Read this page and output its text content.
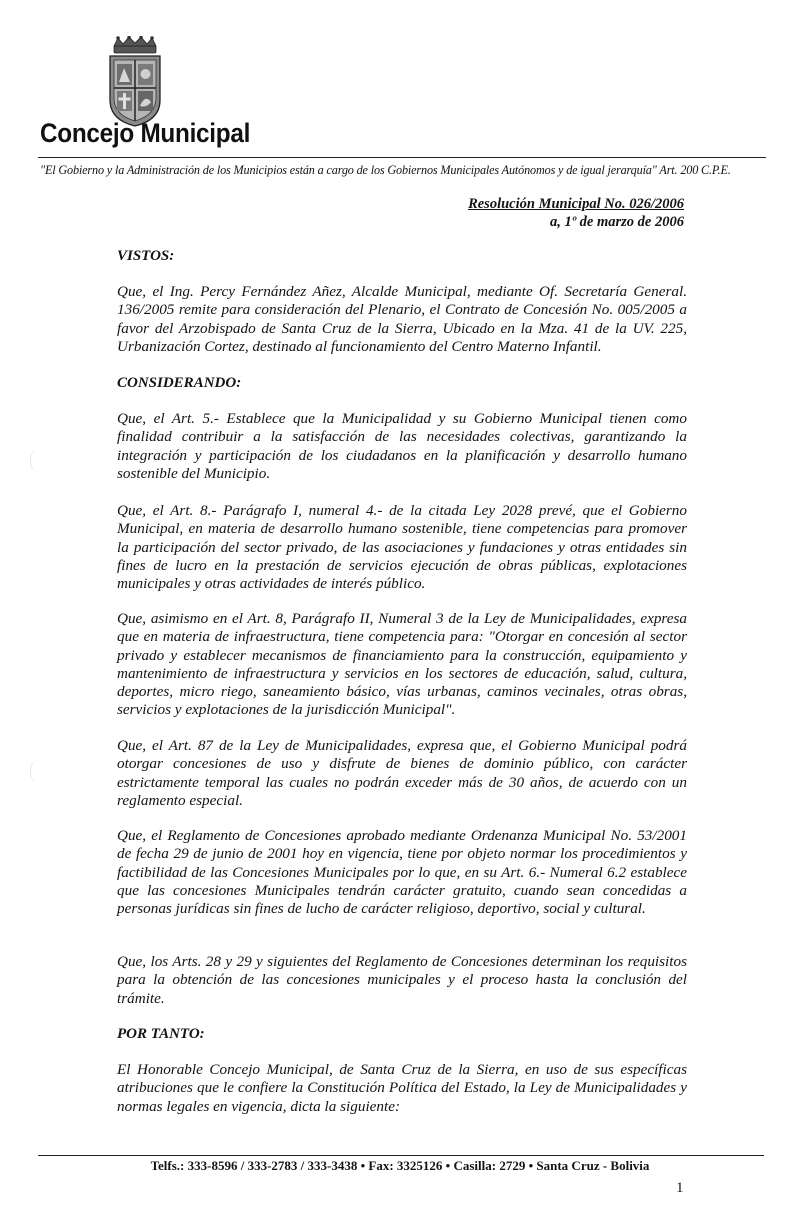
Concejo Municipal
"El Gobierno y la Administración de los Municipios están a cargo de los Gobiernos Municipales Autónomos y de igual jerarquía" Art. 200 C.P.E.
Resolución Municipal No. 026/2006
a, 1º de marzo de 2006
VISTOS:

Que, el Ing. Percy Fernández Añez, Alcalde Municipal, mediante Of. Secretaría General. 136/2005 remite para consideración del Plenario, el Contrato de Concesión No. 005/2005 a favor del Arzobispado de Santa Cruz de la Sierra, Ubicado en la Mza. 41 de la UV. 225, Urbanización Cortez, destinado al funcionamiento del Centro Materno Infantil.

CONSIDERANDO:

Que, el Art. 5.- Establece que la Municipalidad y su Gobierno Municipal tienen como finalidad contribuir a la satisfacción de las necesidades colectivas, garantizando la integración y participación de los ciudadanos en la planificación y desarrollo humano sostenible del Municipio.

Que, el Art. 8.- Parágrafo I, numeral 4.- de la citada Ley 2028 prevé, que el Gobierno Municipal, en materia de desarrollo humano sostenible, tiene competencias para promover la participación del sector privado, de las asociaciones y fundaciones y otras entidades sin fines de lucro en la prestación de servicios ejecución de obras públicas, explotaciones municipales y otras actividades de interés público.

Que, asimismo en el Art. 8, Parágrafo II, Numeral 3 de la Ley de Municipalidades, expresa que en materia de infraestructura, tiene competencia para: "Otorgar en concesión al sector privado y establecer mecanismos de financiamiento para la construcción, equipamiento y mantenimiento de infraestructura y servicios en los sectores de educación, salud, cultura, deportes, micro riego, saneamiento básico, vías urbanas, caminos vecinales, otras obras, servicios y explotaciones de la jurisdicción Municipal".

Que, el Art. 87 de la Ley de Municipalidades, expresa que, el Gobierno Municipal podrá otorgar concesiones de uso y disfrute de bienes de dominio público, con carácter estrictamente temporal las cuales no podrán exceder más de 30 años, de acuerdo con un reglamento especial.

Que, el Reglamento de Concesiones aprobado mediante Ordenanza Municipal No. 53/2001 de fecha 29 de junio de 2001 hoy en vigencia, tiene por objeto normar los procedimientos y factibilidad de las Concesiones Municipales por lo que, en su Art. 6.- Numeral 6.2 establece que las concesiones Municipales tendrán carácter gratuito, cuando sean concedidas a personas jurídicas sin fines de lucho de carácter religioso, deportivo, social y cultural.

Que, los Arts. 28 y 29 y siguientes del Reglamento de Concesiones determinan los requisitos para la obtención de las concesiones municipales y el proceso hasta la conclusión del trámite.

POR TANTO:

El Honorable Concejo Municipal, de Santa Cruz de la Sierra, en uso de sus específicas atribuciones que le confiere la Constitución Política del Estado, la Ley de Municipalidades y normas legales en vigencia, dicta la siguiente:

Telfs.: 333-8596 / 333-2783 / 333-3438 • Fax: 3325126 • Casilla: 2729 • Santa Cruz - Bolivia
1
